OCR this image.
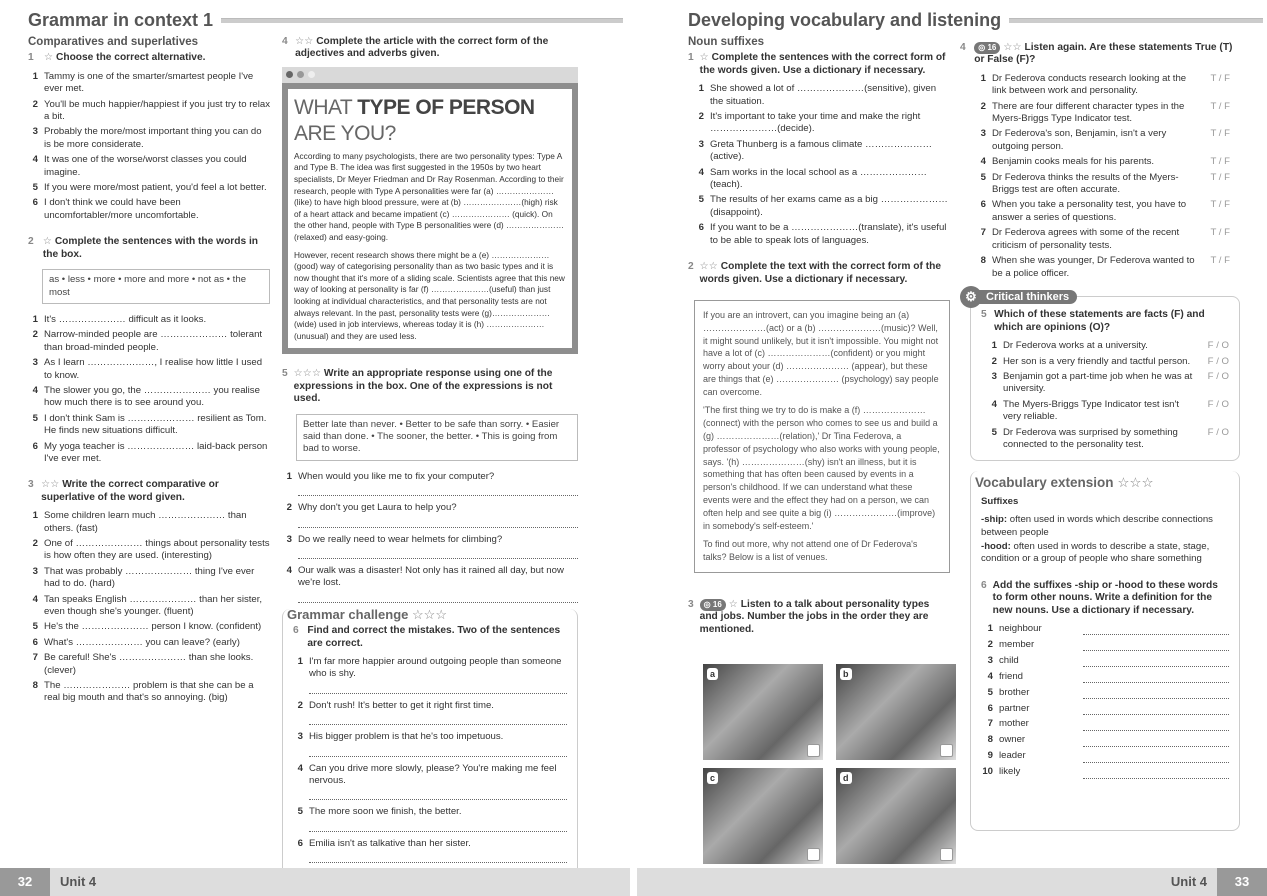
Grammar in context 1
Comparatives and superlatives
1	☆ Choose the correct alternative.
1 Tammy is one of the smarter/smartest people I've ever met.
2 You'll be much happier/happiest if you just try to relax a bit.
3 Probably the more/most important thing you can do is be more considerate.
4 It was one of the worse/worst classes you could imagine.
5 If you were more/most patient, you'd feel a lot better.
6 I don't think we could have been uncomfortabler/more uncomfortable.
2 ☆ Complete the sentences with the words in the box.
as • less • more • more and more • not as • the most
1 It's ………………… difficult as it looks.
2 Narrow-minded people are ………………… tolerant than broad-minded people.
3 As I learn …………………, I realise how little I used to know.
4 The slower you go, the ………………… you realise how much there is to see around you.
5 I don't think Sam is ………………… resilient as Tom. He finds new situations difficult.
6 My yoga teacher is ………………… laid-back person I've ever met.
3 ☆☆ Write the correct comparative or superlative of the word given.
1 Some children learn much ………………… than others. (fast)
2 One of ………………… things about personality tests is how often they are used. (interesting)
3 That was probably ………………… thing I've ever had to do. (hard)
4 Tan speaks English ………………… than her sister, even though she's younger. (fluent)
5 He's the ………………… person I know. (confident)
6 What's ………………… you can leave? (early)
7 Be careful! She's ………………… than she looks. (clever)
8 The ………………… problem is that she can be a real big mouth and that's so annoying. (big)
4 ☆☆ Complete the article with the correct form of the adjectives and adverbs given.
WHAT TYPE OF PERSON ARE YOU?

According to many psychologists, there are two personality types: Type A and Type B. The idea was first suggested in the 1950s by two heart specialists, Dr Meyer Friedman and Dr Ray Rosenman. According to their research, people with Type A personalities were far (a) ………………… (like) to have high blood pressure, were at (b) …………………(high) risk of a heart attack and became impatient (c) ………………… (quick). On the other hand, people with Type B personalities were (d) …………………(relaxed) and easy-going.

However, recent research shows there might be a (e) ………………… (good) way of categorising personality than as two basic types and it is now thought that it's more of a sliding scale. Scientists agree that this new way of looking at personality is far (f) …………………(useful) than just looking at individual characteristics, and that personality tests are not always relevant. In the past, personality tests were (g)…………………(wide) used in job interviews, whereas today it is (h) …………………(unusual) and they are used less.

5 ☆☆☆ Write an appropriate response using one of the expressions in the box. One of the expressions is not used.
Better late than never. • Better to be safe than sorry. • Easier said than done. • The sooner, the better. • This is going from bad to worse.
1 When would you like me to fix your computer?
2 Why don't you get Laura to help you?
3 Do we really need to wear helmets for climbing?
4 Our walk was a disaster! Not only has it rained all day, but now we're lost.
Grammar challenge ☆☆☆
6 Find and correct the mistakes. Two of the sentences are correct.
1 I'm far more happier around outgoing people than someone who is shy.
2 Don't rush! It's better to get it right first time.
3 His bigger problem is that he's too impetuous.
4 Can you drive more slowly, please? You're making me feel nervous.
5 The more soon we finish, the better.
6 Emilia isn't as talkative than her sister.
Developing vocabulary and listening
Noun suffixes
1 ☆ Complete the sentences with the correct form of the words given. Use a dictionary if necessary.
1 She showed a lot of …………………(sensitive), given the situation.
2 It's important to take your time and make the right …………………(decide).
3 Greta Thunberg is a famous climate ………………… (active).
4 Sam works in the local school as a ………………… (teach).
5 The results of her exams came as a big …………………(disappoint).
6 If you want to be a …………………(translate), it's useful to be able to speak lots of languages.
2 ☆☆ Complete the text with the correct form of the words given. Use a dictionary if necessary.

If you are an introvert, can you imagine being an (a) …………………(act) or a (b) …………………(music)? Well, it might sound unlikely, but it isn't impossible. You might not have a lot of (c) …………………(confident) or you might worry about your (d) ………………… (appear), but these are things that (e) ………………… (psychology) say people can overcome.

'The first thing we try to do is make a (f) ………………… (connect) with the person who comes to see us and build a (g) …………………(relation),' Dr Tina Federova, a professor of psychology who also works with young people, says. '(h) …………………(shy) isn't an illness, but it is something that has often been caused by events in a person's childhood. If we can understand what these events were and the effect they had on a person, we can often help and see quite a big (i) …………………(improve) in somebody's self-esteem.'

To find out more, why not attend one of Dr Federova's talks? Below is a list of venues.

3	◎ 16 ☆ Listen to a talk about personality types and jobs. Number the jobs in the order they are mentioned.
a	b
c	d
4	◎ 16 ☆☆ Listen again. Are these statements True (T) or False (F)?
1 Dr Federova conducts research looking at the link between work and personality.
T / F
2 There are four different character types in the Myers-Briggs Type Indicator test.
T / F
3 Dr Federova's son, Benjamin, isn't a very outgoing person.
T / F
4 Benjamin cooks meals for his parents.	T / F
5 Dr Federova thinks the results of the Myers-Briggs test are often accurate.
T / F
6 When you take a personality test, you have to answer a series of questions.
T / F
7 Dr Federova agrees with some of the recent criticism of personality tests.
T / F
8 When she was younger, Dr Federova wanted to be a police officer.
T / F
⚙ Critical thinkers
5 Which of these statements are facts (F) and which are opinions (O)?
1 Dr Federova works at a university.	F / O
2 Her son is a very friendly and tactful person.	F / O
3 Benjamin got a part-time job when he was at university.
F / O
4 The Myers-Briggs Type Indicator test isn't very reliable.
F / O
5 Dr Federova was surprised by something connected to the personality test.
F / O
Vocabulary extension ☆☆☆
Suffixes
-ship: often used in words which describe connections between people
-hood: often used in words to describe a state, stage, condition or a group of people who share something
6 Add the suffixes -ship or -hood to these words to form other nouns. Write a definition for the new nouns. Use a dictionary if necessary.
1 neighbour
2 member
3 child
4 friend
5 brother
6 partner
7 mother
8 owner
9 leader
10 likely
32	Unit 4	Unit 4	33
